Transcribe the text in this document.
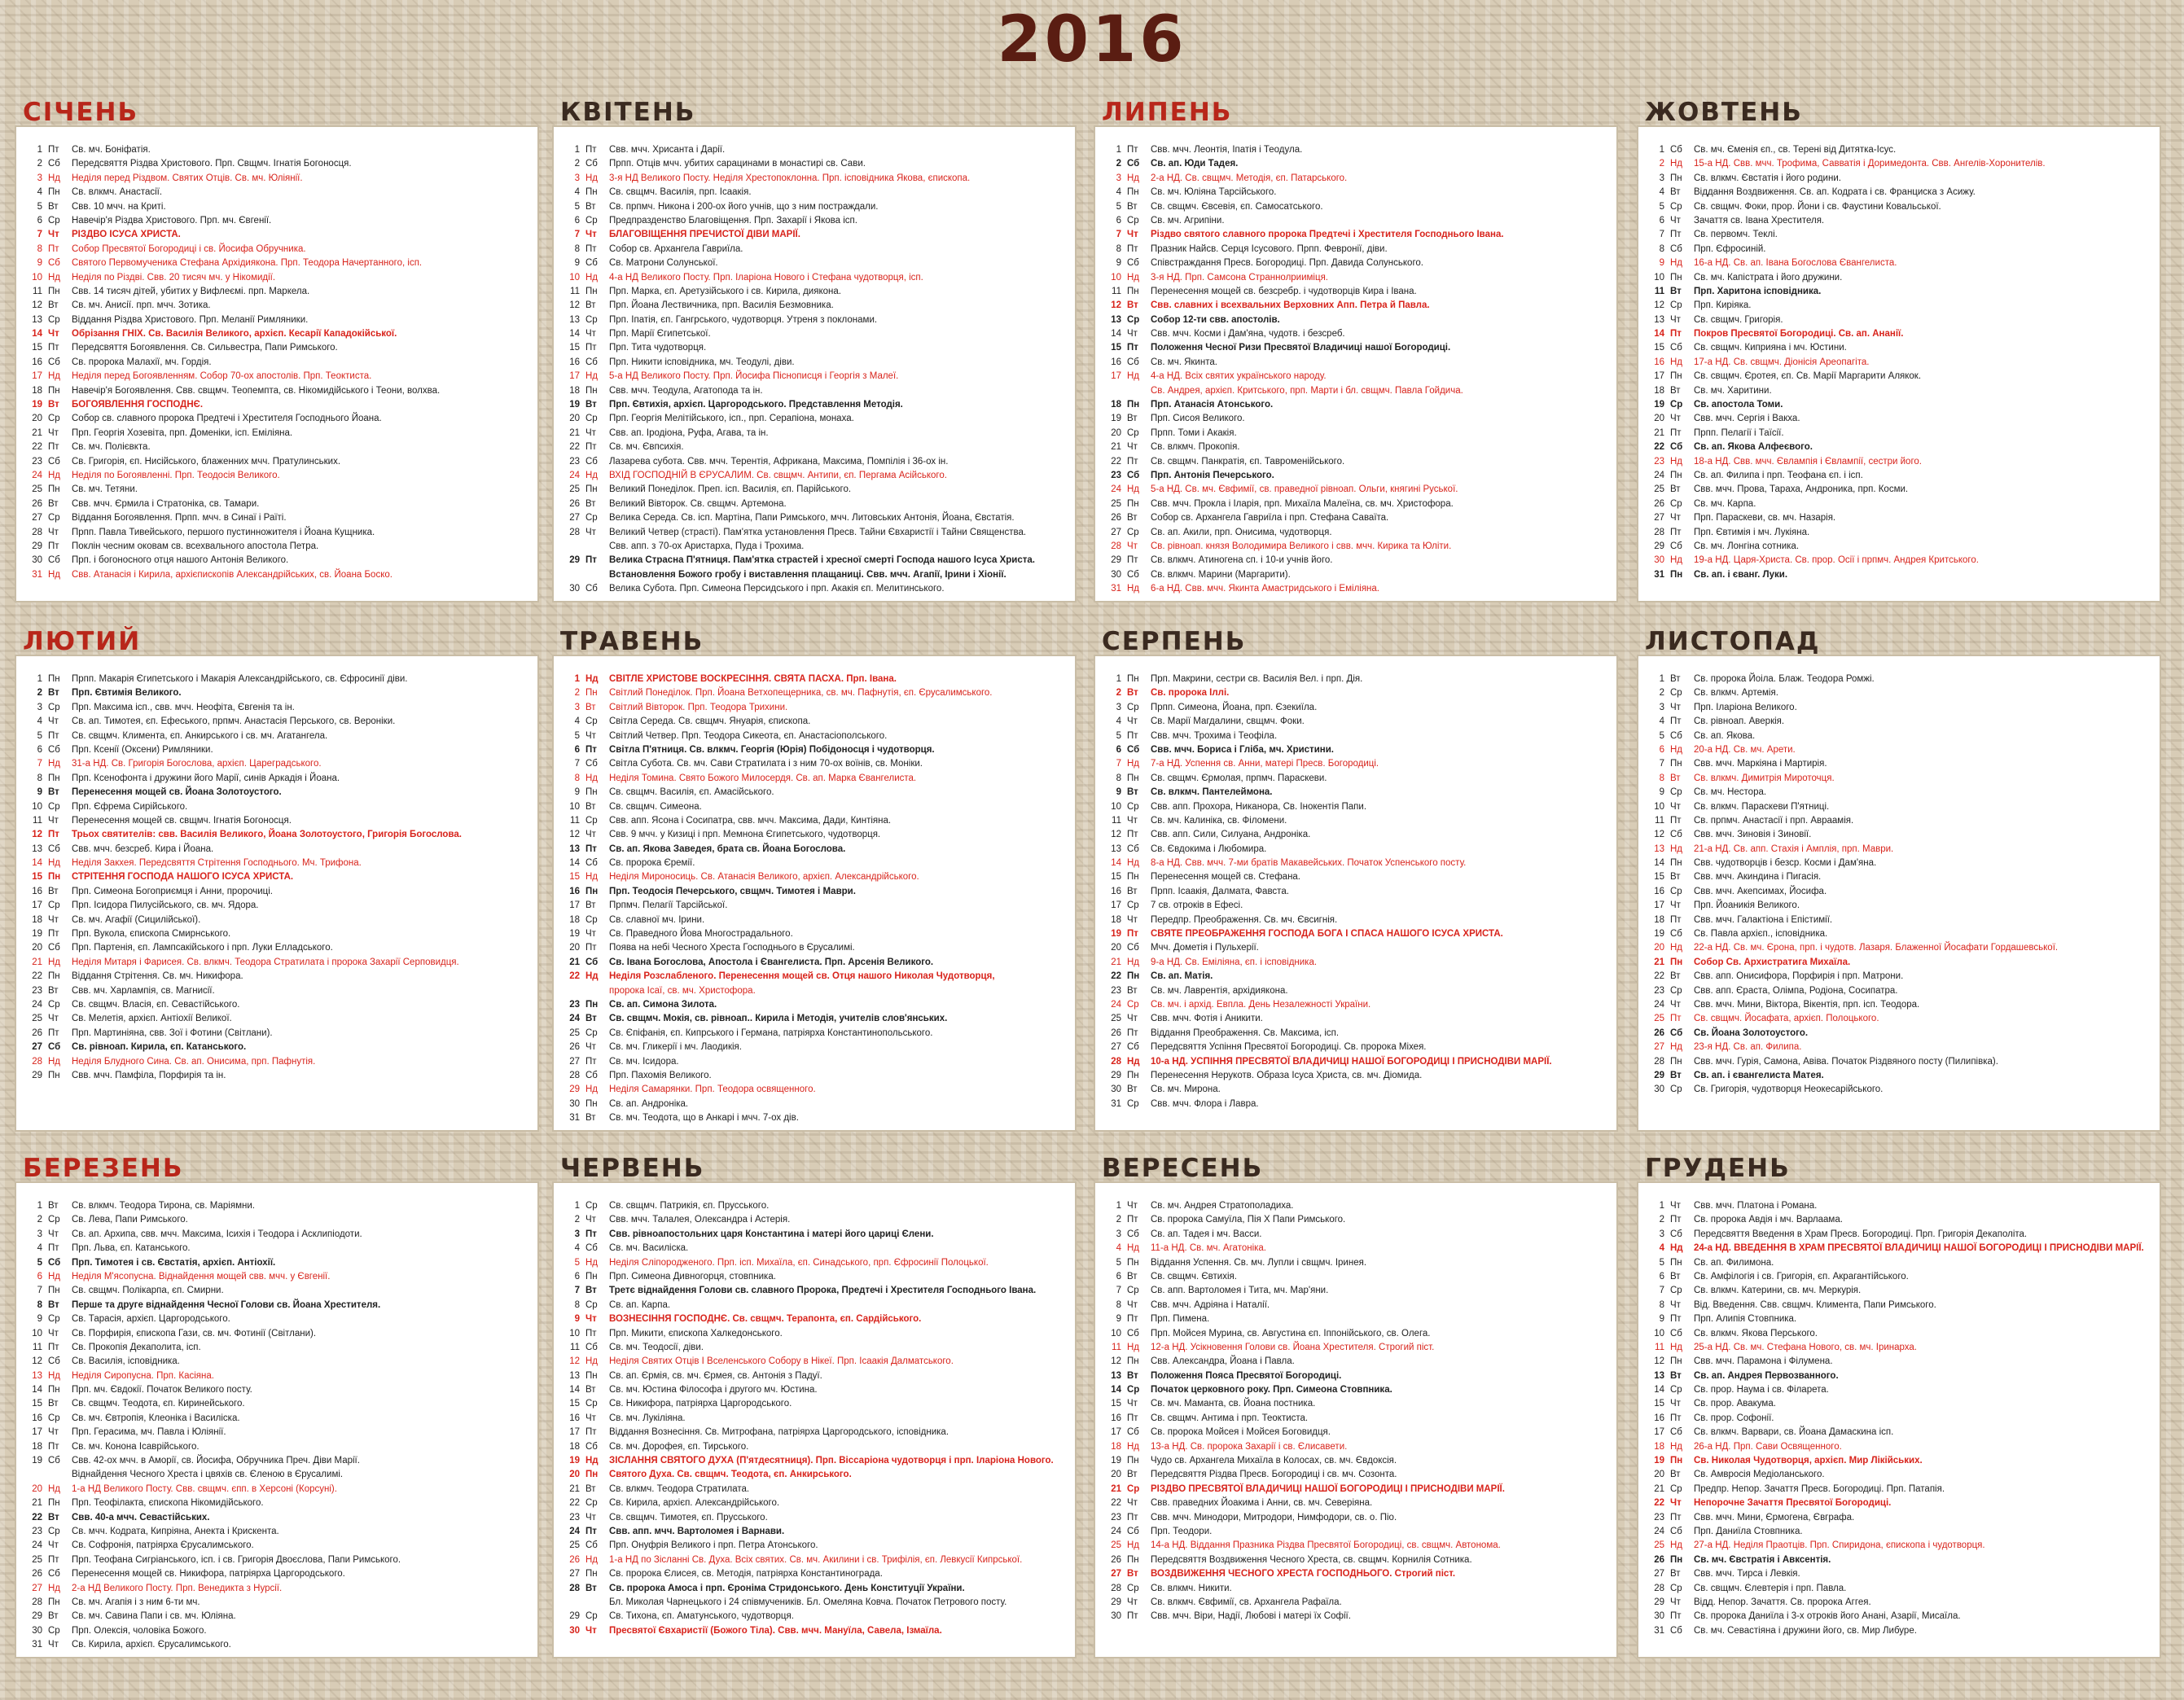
2016
СІЧЕНЬ
1 Пт	Св. мч. Боніфатія.
2 Сб	Передсвяття Різдва Христового. Прп. Свщмч. Ігнатія Богоносця.
3 Нд	Неділя перед Різдвом. Святих Отців. Св. мч. Юліянії.
4 Пн	Св. влкмч. Анастасії.
5 Вт	Свв. 10 мчч. на Криті.
6 Ср	Навечір'я Різдва Христового. Прп. мч. Євгенії.
7 Чт	РІЗДВО ІСУСА ХРИСТА.
8 Пт	Собор Пресвятої Богородиці і св. Йосифа Обручника.
9 Сб	Святого Первомученика Стефана Архідиякона. Прп. Теодора Начертанного, ісп.
10 Нд	Неділя по Різдві. Свв. 20 тисяч мч. у Нікомидії.
11 Пн	Свв. 14 тисяч дітей, убитих у Вифлеємі. прп. Маркела.
12 Вт	Св. мч. Анисії. прп. мчч. Зотика.
13 Ср	Віддання Різдва Христового. Прп. Меланії Римляники.
14 Чт	Обрізання ГНІХ. Св. Василія Великого, архієп. Кесарії Кападокійської.
15 Пт	Передсвяття Богоявлення. Св. Сильвестра, Папи Римського.
16 Сб	Св. пророка Малахії, мч. Гордія.
17 Нд	Неділя перед Богоявленням. Собор 70-ох апостолів. Прп. Теоктиста.
18 Пн	Навечір'я Богоявлення. Свв. свщмч. Теопемпта, св. Нікомидійського і Теони, волхва.
19 Вт	БОГОЯВЛЕННЯ ГОСПОДНЄ.
20 Ср	Собор св. славного пророка Предтечі і Хрестителя Господнього Йоана.
21 Чт	Прп. Георгія Хозевіта, прп. Доменіки, ісп. Еміліяна.
22 Пт	Св. мч. Полієвкта.
23 Сб	Св. Григорія, єп. Нисійського, блаженних мчч. Пратулинських.
24 Нд	Неділя по Богоявленні. Прп. Теодосія Великого.
25 Пн	Св. мч. Тетяни.
26 Вт	Свв. мчч. Єрмила і Стратоніка, св. Тамари.
27 Ср	Віддання Богоявлення. Прпп. мчч. в Синаї і Раїті.
28 Чт	Прпп. Павла Тивейського, першого пустинножителя і Йоана Кущника.
29 Пт	Поклін чесним оковам св. всехвального апостола Петра.
30 Сб	Прп. і богоносного отця нашого Антонія Великого.
31 Нд	Свв. Атанасія і Кирила, архієпископів Александрійських, св. Йоана Боско.
КВІТЕНЬ
1 Пт	Свв. мчч. Хрисанта і Дарії.
2 Сб	Прпп. Отців мчч. убитих сарацинами в монастирі св. Сави.
3 Нд	3-я НД Великого Посту. Неділя Хрестопоклонна. Прп. ісповідника Якова, єпископа.
4 Пн	Св. свщмч. Василія, прп. Ісаакія.
5 Вт	Св. прпмч. Никона і 200-ох його учнів, що з ним постраждали.
6 Ср	Предпразденство Благовіщення. Прп. Захарії і Якова ісп.
7 Чт	БЛАГОВІЩЕННЯ ПРЕЧИСТОЇ ДІВИ МАРІЇ.
8 Пт	Собор св. Архангела Гавриїла.
9 Сб	Св. Матрони Солунської.
10 Нд	4-а НД Великого Посту. Прп. Іларіона Нового і Стефана чудотворця, ісп.
11 Пн	Прп. Марка, єп. Аретузійського і св. Кирила, диякона.
12 Вт	Прп. Йоана Лествичника, прп. Василія Безмовника.
13 Ср	Прп. Іпатія, єп. Гангрського, чудотворця. Утреня з поклонами.
14 Чт	Прп. Марії Єгипетської.
15 Пт	Прп. Тита чудотворця.
16 Сб	Прп. Никити ісповідника, мч. Теодулі, діви.
17 Нд	5-а НД Великого Посту. Прп. Йосифа Піснописця і Георгія з Малеї.
18 Пн	Свв. мчч. Теодула, Агатопода та ін.
19 Вт	Прп. Євтихія, архієп. Царгородського. Представлення Методія.
20 Ср	Прп. Георгія Мелітійського, ісп., прп. Серапіона, монаха.
21 Чт	Свв. ап. Іродіона, Руфа, Агава, та ін.
22 Пт	Св. мч. Євпсихія.
23 Сб	Лазарева субота. Свв. мчч. Терентія, Африкана, Максима, Помпілія і 36-ох ін.
24 Нд	ВХІД ГОСПОДНІЙ В ЄРУСАЛИМ. Св. свщмч. Антипи, єп. Пергама Асійського.
25 Пн	Великий Понеділок. Преп. ісп. Василія, єп. Парійського.
26 Вт	Великий Вівторок. Св. свщмч. Артемона.
27 Ср	Велика Середа. Св. ісп. Мартіна, Папи Римського, мчч. Литовських Антонія, Йоана, Євстатія.
28 Чт	Великий Четвер (страсті). Пам'ятка установлення Пресв. Тайни Євхаристії і Тайни Священства.
Свв. апп. з 70-ох Аристарха, Пуда і Трохима.
29 Пт	Велика Страсна П'ятниця. Пам'ятка страстей і хресної смерті Господа нашого Ісуса Христа.
Встановлення Божого гробу і виставлення плащаниці. Свв. мчч. Агапії, Ірини і Хіонії.
30 Сб	Велика Субота. Прп. Симеона Перcидського і прп. Акакія єп. Мелитинського.
ЛИПЕНЬ
1 Пт	Свв. мчч. Леонтія, Іпатія і Теодула.
2 Сб	Св. ап. Юди Тадея.
3 Нд	2-а НД. Св. свщмч. Методія, єп. Патарського.
4 Пн	Св. мч. Юліяна Тарсійського.
5 Вт	Св. свщмч. Євсевія, єп. Самосатського.
6 Ср	Св. мч. Агрипіни.
7 Чт	Різдво святого славного пророка Предтечі і Хрестителя Господнього Івана.
8 Пт	Празник Найсв. Серця Ісусового. Прпп. Февронії, діви.
9 Сб	Співстраждання Пресв. Богородиці. Прп. Давида Солунського.
10 Нд	3-я НД. Прп. Самсона Страннолрииміця.
11 Пн	Перенесення мощей св. безсребр. і чудотворців Кира і Івана.
12 Вт	Свв. славних і всехвальних Верховних Апп. Петра й Павла.
13 Ср	Собор 12-ти свв. апостолів.
14 Чт	Свв. мчч. Косми і Дам'яна, чудотв. і безсреб.
15 Пт	Положення Чесної Ризи Пресвятої Владичиці нашої Богородиці.
16 Сб	Св. мч. Якинта.
17 Нд	4-а НД. Всіх святих українського народу.
Св. Андрея, архієп. Критського, прп. Марти і бл. свщмч. Павла Гойдича.
18 Пн	Прп. Атанасія Атонського.
19 Вт	Прп. Сисоя Великого.
20 Ср	Прпп. Томи і Акакія.
21 Чт	Св. влкмч. Прокопія.
22 Пт	Св. свщмч. Панкратія, єп. Тавроменійського.
23 Сб	Прп. Антонія Печерського.
24 Нд	5-а НД. Св. мч. Євфимії, св. праведної рівноап. Ольги, княгині Руської.
25 Пн	Свв. мчч. Прокла і Іларія, прп. Михаїла Малеїна, св. мч. Христофора.
26 Вт	Собор св. Архангела Гавриїла і прп. Стефана Саваїта.
27 Ср	Св. ап. Акили, прп. Онисима, чудотворця.
28 Чт	Св. рівноап. князя Володимира Великого і свв. мчч. Кирика та Юліти.
29 Пт	Св. влкмч. Атиногена сп. і 10-и учнів його.
30 Сб	Св. влкмч. Марини (Маргарити).
31 Нд	6-а НД. Свв. мчч. Якинта Амастридського і Еміліяна.
ЖОВТЕНЬ
1 Сб	Св. мч. Єменія єп., св. Терені від Дитятка-Ісус.
2 Нд	15-а НД. Свв. мчч. Трофима, Савватія і Доримедонта. Свв. Ангелів-Хоронителів.
3 Пн	Св. влкмч. Євстатія і його родини.
4 Вт	Віддання Воздвиження. Св. ап. Кодрата і св. Франциска з Асижу.
5 Ср	Св. свщмч. Фоки, прор. Йони і св. Фаустини Ковальської.
6 Чт	Зачаття св. Івана Хрестителя.
7 Пт	Св. первомч. Теклі.
8 Сб	Прп. Єфросиній.
9 Нд	16-а НД. Св. ап. Івана Богослова Євангелиста.
10 Пн	Св. мч. Капістрата і його дружини.
11 Вт	Прп. Харитона ісповідника.
12 Ср	Прп. Киріяка.
13 Чт	Св. свщмч. Григорія.
14 Пт	Покров Пресвятої Богородиці. Св. ап. Ананії.
15 Сб	Св. свщмч. Киприяна і мч. Юстини.
16 Нд	17-а НД. Св. свщмч. Діонісія Ареопагіта.
17 Пн	Св. свщмч. Єротея, єп. Св. Марії Маргарити Алякок.
18 Вт	Св. мч. Харитини.
19 Ср	Св. апостола Томи.
20 Чт	Свв. мчч. Сергія і Вакха.
21 Пт	Прпп. Пелагії і Таїсії.
22 Сб	Св. ап. Якова Алфеєвого.
23 Нд	18-а НД. Свв. мчч. Євлампія і Євлампії, сестри його.
24 Пн	Св. ап. Филипа і прп. Теофана єп. і ісп.
25 Вт	Свв. мчч. Прова, Тараха, Андроника, прп. Косми.
26 Ср	Св. мч. Карпа.
27 Чт	Прп. Параскеви, св. мч. Назарія.
28 Пт	Прп. Євтимія і мч. Лукіяна.
29 Сб	Св. мч. Лонгіна сотника.
30 Нд	19-а НД. Царя-Христа. Св. прор. Осії і прпмч. Андрея Критського.
31 Пн	Св. ап. і єванг. Луки.
ЛЮТИЙ
1 Пн	Прпп. Макарія Єгипетського і Макарія Александрійського, св. Єфросинії діви.
2 Вт	Прп. Євтимія Великого.
3 Ср	Прп. Максима ісп., свв. мчч. Неофіта, Євгенія та ін.
4 Чт	Св. ап. Тимотея, єп. Ефеського, прпмч. Анастасія Перського, св. Вероніки.
5 Пт	Св. свщмч. Климента, єп. Анкирського і св. мч. Агатангела.
6 Сб	Прп. Ксенії (Оксени) Римляники.
7 Нд	31-а НД. Св. Григорія Богослова, архієп. Цареградського.
8 Пн	Прп. Ксенофонта і дружини його Марії, синів Аркадія і Йоана.
9 Вт	Перенесення мощей св. Йоана Золотоустого.
10 Ср	Прп. Єфрема Сирійського.
11 Чт	Перенесення мощей св. свщмч. Ігнатія Богоносця.
12 Пт	Трьох святителів: свв. Василія Великого, Йоана Золотоустого, Григорія Богослова.
13 Сб	Свв. мчч. безсреб. Кира і Йоана.
14 Нд	Неділя Закхея. Передсвяття Стрітення Господнього. Мч. Трифона.
15 Пн	СТРІТЕННЯ ГОСПОДА НАШОГО ІСУСА ХРИСТА.
16 Вт	Прп. Симеона Богоприємця і Анни, пророчиці.
17 Ср	Прп. Ісидора Пилусійського, св. мч. Ядора.
18 Чт	Св. мч. Агафії (Сицилійської).
19 Пт	Прп. Вукола, єпископа Смирнського.
20 Сб	Прп. Партенія, єп. Лампсакійського і прп. Луки Елладського.
21 Нд	Неділя Митаря і Фарисея. Св. влкмч. Теодора Стратилата і пророка Захарії Серповидця.
22 Пн	Віддання Стрітення. Св. мч. Никифора.
23 Вт	Свв. мч. Харлампія, св. Магнисії.
24 Ср	Св. свщмч. Власія, єп. Севастійського.
25 Чт	Св. Мелетія, архієп. Антіохії Великої.
26 Пт	Прп. Мартиніяна, свв. Зої і Фотини (Світлани).
27 Сб	Св. рівноап. Кирила, єп. Катанського.
28 Нд	Неділя Блудного Сина. Св. ап. Онисима, прп. Пафнутія.
29 Пн	Свв. мчч. Памфіла, Порфирія та ін.
ТРАВЕНЬ
1 Нд	СВІТЛЕ ХРИСТОВЕ ВОСКРЕСІННЯ. СВЯТА ПАСХА. Прп. Івана.
2 Пн	Світлий Понеділок. Прп. Йоана Ветхопещерника, св. мч. Пафнутія, єп. Єрусалимського.
3 Вт	Світлий Вівторок. Прп. Теодора Трихини.
4 Ср	Світла Середа. Св. свщмч. Януарія, єпископа.
5 Чт	Світлий Четвер. Прп. Теодора Сикеота, єп. Анастасіополського.
6 Пт	Світла П'ятниця. Св. влкмч. Георгія (Юрія) Побідоносця і чудотворця.
7 Сб	Світла Субота. Св. мч. Сави Стратилата і з ним 70-ох воїнів, св. Моніки.
8 Нд	Неділя Томина. Свято Божого Милосердя. Св. ап. Марка Євангелиста.
9 Пн	Св. свщмч. Василія, єп. Амасійського.
10 Вт	Св. свщмч. Симеона.
11 Ср	Свв. апп. Ясона і Сосипатра, свв. мчч. Максима, Дади, Кинтіяна.
12 Чт	Свв. 9 мчч. у Кизиці і прп. Мемнона Єгипетського, чудотворця.
13 Пт	Св. ап. Якова Заведея, брата св. Йоана Богослова.
14 Сб	Св. пророка Єремії.
15 Нд	Неділя Мироносиць. Св. Атанасія Великого, архієп. Александрійського.
16 Пн	Прп. Теодосія Печерського, свщмч. Тимотея і Маври.
17 Вт	Прпмч. Пелагії Тарсійської.
18 Ср	Св. славної мч. Ірини.
19 Чт	Св. Праведного Йова Многострадального.
20 Пт	Поява на небі Чесного Хреста Господнього в Єрусалимі.
21 Сб	Св. Івана Богослова, Апостола і Євангелиста. Прп. Арсенія Великого.
22 Нд	Неділя Розслабленого. Перенесення мощей св. Отця нашого Николая Чудотворця,
пророка Ісаї, св. мч. Христофора.
23 Пн	Св. ап. Симона Зилота.
24 Вт	Св. свщмч. Мокія, св. рівноап.. Кирила і Методія, учителів слов'янських.
25 Ср	Св. Єпіфанія, єп. Кипрського і Германа, патріярха Константинопольського.
26 Чт	Св. мч. Гликерії і мч. Лаодикія.
27 Пт	Св. мч. Ісидора.
28 Сб	Прп. Пахомія Великого.
29 Нд	Неділя Самарянки. Прп. Теодора освященного.
30 Пн	Св. ап. Андроніка.
31 Вт	Св. мч. Теодота, що в Анкарі і мчч. 7-ох дів.
СЕРПЕНЬ
1 Пн	Прп. Макрини, сестри св. Василія Вел. і прп. Дія.
2 Вт	Св. пророка Іллі.
3 Ср	Прпп. Симеона, Йоана, прп. Єзекиїла.
4 Чт	Св. Марії Магдалини, свщмч. Фоки.
5 Пт	Свв. мчч. Трохима і Теофіла.
6 Сб	Свв. мчч. Бориса і Гліба, мч. Христини.
7 Нд	7-а НД. Успення св. Анни, матері Пресв. Богородиці.
8 Пн	Св. свщмч. Єрмолая, прпмч. Параскеви.
9 Вт	Св. влкмч. Пантелеймона.
10 Ср	Свв. апп. Прохора, Никанора, Св. Інокентія Папи.
11 Чт	Св. мч. Калиніка, св. Філомени.
12 Пт	Свв. апп. Сили, Силуана, Андроніка.
13 Сб	Св. Євдокима і Любомира.
14 Нд	8-а НД. Свв. мчч. 7-ми братів Макавейських. Початок Успенського посту.
15 Пн	Перенесення мощей св. Стефана.
16 Вт	Прпп. Ісаакія, Далмата, Фавста.
17 Ср	7 св. отроків в Ефесі.
18 Чт	Передпр. Преображення. Св. мч. Євсигнія.
19 Пт	СВЯТЕ ПРЕОБРАЖЕННЯ ГОСПОДА БОГА І СПАСА НАШОГО ІСУСА ХРИСТА.
20 Сб	Мчч. Дометія і Пульхерії.
21 Нд	9-а НД. Св. Еміліяна, єп. і ісповідника.
22 Пн	Св. ап. Матія.
23 Вт	Св. мч. Лаврентія, архідиякона.
24 Ср	Св. мч. і архід. Евпла. День Незалежності України.
25 Чт	Свв. мчч. Фотія і Аникити.
26 Пт	Віддання Преображення. Св. Максима, ісп.
27 Сб	Передсвяття Успіння Пресвятої Богородиці. Св. пророка Міхея.
28 Нд	10-а НД. УСПІННЯ ПРЕСВЯТОЇ ВЛАДИЧИЦІ НАШОЇ БОГОРОДИЦІ І ПРИСНОДІВИ МАРІЇ.
29 Пн	Перенесення Нерукотв. Образа Ісуса Христа, св. мч. Діомида.
30 Вт	Св. мч. Мирона.
31 Ср	Свв. мчч. Флора і Лавра.
ЛИСТОПАД
1 Вт	Св. пророка Йоіла. Блаж. Теодора Ромжі.
2 Ср	Св. влкмч. Артемія.
3 Чт	Прп. Іларіона Великого.
4 Пт	Св. рівноап. Аверкія.
5 Сб	Св. ап. Якова.
6 Нд	20-а НД. Св. мч. Арети.
7 Пн	Свв. мчч. Маркіяна і Мартирія.
8 Вт	Св. влкмч. Димитрія Мироточця.
9 Ср	Св. мч. Нестора.
10 Чт	Св. влкмч. Параскеви П'ятниці.
11 Пт	Св. прпмч. Анастасії і прп. Авраамія.
12 Сб	Свв. мчч. Зиновія і Зиновії.
13 Нд	21-а НД. Св. апп. Стахія і Амплія, прп. Маври.
14 Пн	Свв. чудотворців і безср. Косми і Дам'яна.
15 Вт	Свв. мчч. Акиндина і Пигасія.
16 Ср	Свв. мчч. Акепсимах, Йосифа.
17 Чт	Прп. Йоаникія Великого.
18 Пт	Свв. мчч. Галактіона і Епістимії.
19 Сб	Св. Павла архієп., ісповідника.
20 Нд	22-а НД. Св. мч. Єрона, прп. і чудотв. Лазаря. Блаженної Йосафати Гордашевської.
21 Пн	Собор Св. Архистратига Михаїла.
22 Вт	Свв. апп. Онисифора, Порфирія і прп. Матрони.
23 Ср	Свв. апп. Єраста, Олімпа, Родіона, Сосипатра.
24 Чт	Свв. мчч. Мини, Віктора, Вікентія, прп. ісп. Теодора.
25 Пт	Св. свщмч. Йосафата, архієп. Полоцького.
26 Сб	Св. Йоана Золотоустого.
27 Нд	23-я НД. Св. ап. Филипа.
28 Пн	Свв. мчч. Гурія, Самона, Авіва. Початок Різдвяного посту (Пилипівка).
29 Вт	Св. ап. і євангелиста Матея.
30 Ср	Св. Григорія, чудотворця Неокесарійського.
БЕРЕЗЕНЬ
1 Вт	Св. влкмч. Теодора Тирона, св. Маріямни.
2 Ср	Св. Лева, Папи Римського.
3 Чт	Св. ап. Архипа, свв. мчч. Максима, Ісихія і Теодора і Асклипіодоти.
4 Пт	Прп. Льва, єп. Катанського.
5 Сб	Прп. Тимотея і св. Євстатія, архієп. Антіохії.
6 Нд	Неділя М'ясопусна. Віднайдення мощей свв. мчч. у Євгенії.
7 Пн	Св. свщмч. Полікарпа, єп. Смирни.
8 Вт	Перше та друге віднайдення Чесної Голови св. Йоана Хрестителя.
9 Ср	Св. Тарасія, архієп. Царгородського.
10 Чт	Св. Порфирія, єпископа Гази, св. мч. Фотинії (Світлани).
11 Пт	Св. Прокопія Декаполита, ісп.
12 Сб	Св. Василія, ісповідника.
13 Нд	Неділя Сиропусна. Прп. Касіяна.
14 Пн	Прп. мч. Євдокії. Початок Великого посту.
15 Вт	Св. свщмч. Теодота, єп. Киринейського.
16 Ср	Св. мч. Євтропія, Клеоніка і Василіска.
17 Чт	Прп. Герасима, мч. Павла і Юліянії.
18 Пт	Св. мч. Конона Ісаврійського.
19 Сб	Свв. 42-ох мчч. в Аморії, св. Йосифа, Обручника Преч. Діви Марії.
Віднайдення Чесного Хреста і цвяхів св. Єленою в Єрусалимі.
20 Нд	1-а НД Великого Посту. Свв. свщмч. єпп. в Херсоні (Корсуні).
21 Пн	Прп. Теофілакта, єпископа Нікомидійського.
22 Вт	Свв. 40-а мчч. Севастійських.
23 Ср	Св. мчч. Кодрата, Кипріяна, Анекта і Крискента.
24 Чт	Св. Софронія, патріярха Єрусалимського.
25 Пт	Прп. Теофана Сигріанського, ісп. і св. Григорія Двоєслова, Папи Римського.
26 Сб	Перенесення мощей св. Никифора, патріярха Царгородського.
27 Нд	2-а НД Великого Посту. Прп. Венедикта з Нурсії.
28 Пн	Св. мч. Агапія і з ним 6-ти мч.
29 Вт	Св. мч. Савина Папи і св. мч. Юліяна.
30 Ср	Прп. Олексія, чоловіка Божого.
31 Чт	Св. Кирила, архієп. Єрусалимського.
ЧЕРВЕНЬ
1 Ср	Св. свщмч. Патрикія, єп. Прусського.
2 Чт	Свв. мчч. Талалея, Олександра і Астерія.
3 Пт	Свв. рівноапостольних царя Константина і матері його цариці Єлени.
4 Сб	Св. мч. Василіска.
5 Нд	Неділя Сліпородженого. Прп. ісп. Михаїла, єп. Синадського, прп. Єфросинії Полоцької.
6 Пн	Прп. Симеона Дивногорця, стовпника.
7 Вт	Третє віднайдення Голови св. славного Пророка, Предтечі і Хрестителя Господнього Івана.
8 Ср	Св. ап. Карпа.
9 Чт	ВОЗНЕСІННЯ ГОСПОДНЄ. Св. свщмч. Терапонта, єп. Сардійського.
10 Пт	Прп. Микити, єпископа Халкедонського.
11 Сб	Св. мч. Теодосії, діви.
12 Нд	Неділя Святих Отців І Вселенського Собору в Нікеї. Прп. Ісаакія Далматського.
13 Пн	Св. ап. Єрмія, св. мч. Єрмея, св. Антонія з Падуї.
14 Вт	Св. мч. Юстина Філософа і другого мч. Юстина.
15 Ср	Св. Никифора, патріярха Царгородського.
16 Чт	Св. мч. Лукіліяна.
17 Пт	Віддання Вознесіння. Св. Митрофана, патріярха Царгородського, ісповідника.
18 Сб	Св. мч. Дорофея, єп. Тирського.
19 Нд	ЗІСЛАННЯ СВЯТОГО ДУХА (П'ятдесятниця). Прп. Віссаріона чудотворця і прп. Іларіона Нового.
20 Пн	Святого Духа. Св. свщмч. Теодота, єп. Анкирського.
21 Вт	Св. влкмч. Теодора Стратилата.
22 Ср	Св. Кирила, архієп. Александрійського.
23 Чт	Св. свщмч. Тимотея, єп. Прусського.
24 Пт	Свв. апп. мчч. Вартоломея і Варнави.
25 Сб	Прп. Онуфрія Великого і прп. Петра Атонського.
26 Нд	1-а НД по Зісланні Св. Духа. Всіх святих. Св. мч. Акилини і св. Трифілія, єп. Левкусії Кипрської.
27 Пн	Св. пророка Єлисея, св. Методія, патріярха Константинограда.
28 Вт	Св. пророка Амоса і прп. Єроніма Стридонського. День Конституції України.
Бл. Миколая Чарнецького і 24 співмучеників. Бл. Омеляна Ковча. Початок Петрового посту.
29 Ср	Св. Тихона, єп. Аматунського, чудотворця.
30 Чт	Пресвятої Євхаристії (Божого Тіла). Свв. мчч. Мануїла, Савела, Ізмаїла.
ВЕРЕСЕНЬ
1 Чт	Св. мч. Андрея Стратополадиха.
2 Пт	Св. пророка Самуїла, Пія X Папи Римського.
3 Сб	Св. ап. Тадея і мч. Васси.
4 Нд	11-а НД. Св. мч. Агатоніка.
5 Пн	Віддання Успення. Св. мч. Лупли і свщмч. Іринея.
6 Вт	Св. свщмч. Євтихія.
7 Ср	Св. апп. Вартоломея і Тита, мч. Мар'яни.
8 Чт	Свв. мчч. Адріяна і Наталії.
9 Пт	Прп. Пимена.
10 Сб	Прп. Мойсея Мурина, св. Августина єп. Іппонійського, св. Олега.
11 Нд	12-а НД. Усікновення Голови св. Йоана Хрестителя. Строгий піст.
12 Пн	Свв. Александра, Йоана і Павла.
13 Вт	Положення Пояса Пресвятої Богородиці.
14 Ср	Початок церковного року. Прп. Симеона Стовпника.
15 Чт	Св. мч. Маманта, св. Йоана постника.
16 Пт	Св. свщмч. Антима і прп. Теоктиста.
17 Сб	Св. пророка Мойсея і Мойсея Боговидця.
18 Нд	13-а НД. Св. пророка Захарії і св. Єлисавети.
19 Пн	Чудо св. Архангела Михаїла в Колосах, св. мч. Євдоксія.
20 Вт	Передсвяття Різдва Пресв. Богородиці і св. мч. Созонта.
21 Ср	РІЗДВО ПРЕСВЯТОЇ ВЛАДИЧИЦІ НАШОЇ БОГОРОДИЦІ І ПРИСНОДІВИ МАРІЇ.
22 Чт	Свв. праведних Йоакима і Анни, св. мч. Северіяна.
23 Пт	Свв. мчч. Минодори, Митродори, Нимфодори, св. о. Піо.
24 Сб	Прп. Теодори.
25 Нд	14-а НД. Віддання Празника Різдва Пресвятої Богородиці, св. свщмч. Автонома.
26 Пн	Передсвяття Воздвиження Чесного Хреста, св. свщмч. Корнилія Сотника.
27 Вт	ВОЗДВИЖЕННЯ ЧЕСНОГО ХРЕСТА ГОСПОДНЬОГО. Строгий піст.
28 Ср	Св. влкмч. Никити.
29 Чт	Св. влкмч. Євфимії, св. Архангела Рафаїла.
30 Пт	Свв. мчч. Віри, Надії, Любові і матері їх Софії.
ГРУДЕНЬ
1 Чт	Свв. мчч. Платона і Романа.
2 Пт	Св. пророка Авдія і мч. Варлаама.
3 Сб	Передсвяття Введення в Храм Пресв. Богородиці. Прп. Григорія Декаполіта.
4 Нд	24-а НД. ВВЕДЕННЯ В ХРАМ ПРЕСВЯТОЇ ВЛАДИЧИЦІ НАШОЇ БОГОРОДИЦІ І ПРИСНОДІВИ МАРІЇ.
5 Пн	Св. ап. Филимона.
6 Вт	Св. Амфілогія і св. Григорія, єп. Акрагантійського.
7 Ср	Св. влкмч. Катерини, св. мч. Меркурія.
8 Чт	Від. Введення. Свв. свщмч. Климента, Папи Римського.
9 Пт	Прп. Алипія Стовпника.
10 Сб	Св. влкмч. Якова Перського.
11 Нд	25-а НД. Св. мч. Стефана Нового, св. мч. Іринарха.
12 Пн	Свв. мчч. Парамона і Філумена.
13 Вт	Св. ап. Андрея Первозванного.
14 Ср	Св. прор. Наума і св. Філарета.
15 Чт	Св. прор. Авакума.
16 Пт	Св. прор. Софонії.
17 Сб	Св. влкмч. Варвари, св. Йоана Дамаскина ісп.
18 Нд	26-а НД. Прп. Сави Освященного.
19 Пн	Св. Николая Чудотворця, архієп. Мир Лікійських.
20 Вт	Св. Амвросія Медіоланського.
21 Ср	Предпр. Непор. Зачаття Пресв. Богородиці. Прп. Патапія.
22 Чт	Непорочне Зачаття Пресвятої Богородиці.
23 Пт	Свв. мчч. Мини, Єрмогена, Євграфа.
24 Сб	Прп. Даниїла Стовпника.
25 Нд	27-а НД. Неділя Праотців. Прп. Спиридона, єпископа і чудотворця.
26 Пн	Св. мч. Євстратія і Авксентія.
27 Вт	Свв. мчч. Тирса і Левкія.
28 Ср	Св. свщмч. Єлевтерія і прп. Павла.
29 Чт	Відд. Непор. Зачаття. Св. пророка Аггея.
30 Пт	Св. пророка Даниїла і 3-х отроків його Анані, Азарії, Мисаїла.
31 Сб	Св. мч. Севастіяна і дружини його, св. Мир Либуре.
